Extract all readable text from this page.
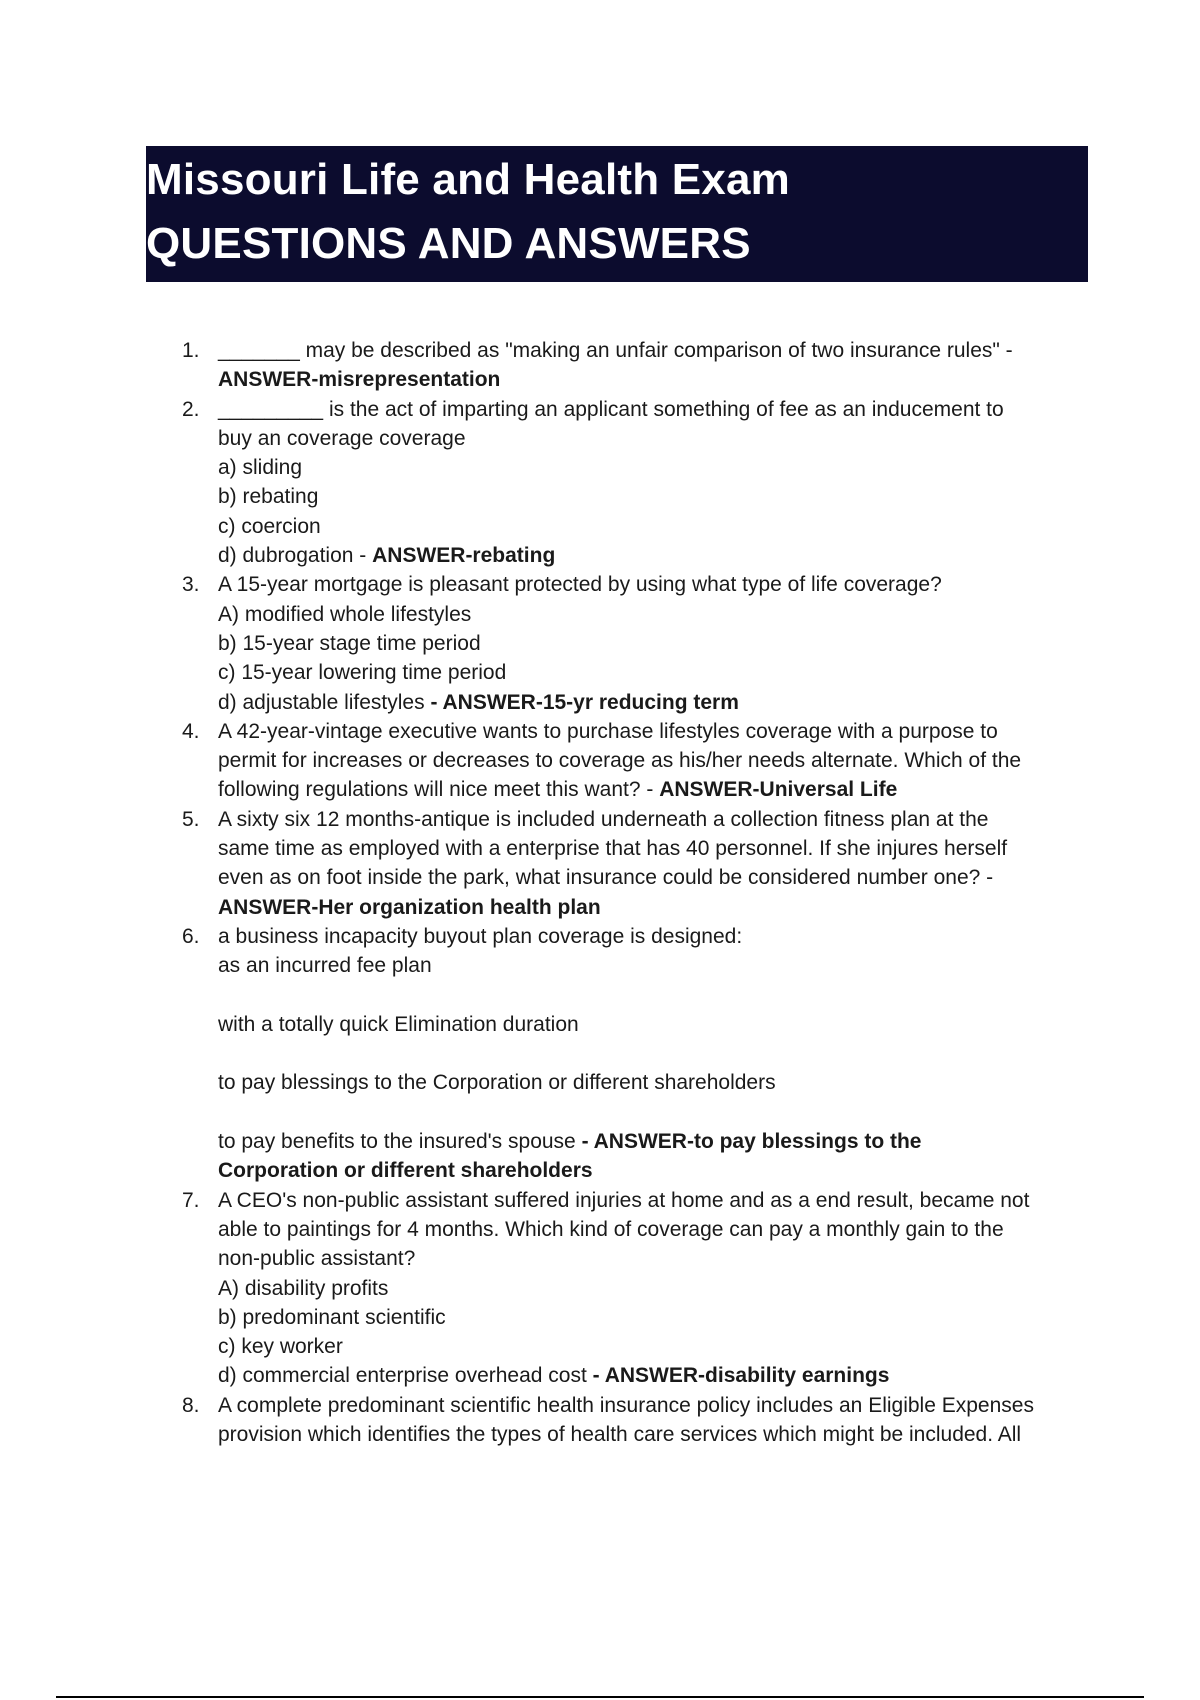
Missouri Life and Health Exam
QUESTIONS AND ANSWERS
1. _______ may be described as "making an unfair comparison of two insurance rules" -
ANSWER-misrepresentation
2. _________ is the act of imparting an applicant something of fee as an inducement to
buy an coverage coverage
a) sliding
b) rebating
c) coercion
d) dubrogation - ANSWER-rebating
3. A 15-year mortgage is pleasant protected by using what type of life coverage?
A) modified whole lifestyles
b) 15-year stage time period
c) 15-year lowering time period
d) adjustable lifestyles - ANSWER-15-yr reducing term
4. A 42-year-vintage executive wants to purchase lifestyles coverage with a purpose to
permit for increases or decreases to coverage as his/her needs alternate. Which of the
following regulations will nice meet this want? - ANSWER-Universal Life
5. A sixty six 12 months-antique is included underneath a collection fitness plan at the
same time as employed with a enterprise that has 40 personnel. If she injures herself
even as on foot inside the park, what insurance could be considered number one? -
ANSWER-Her organization health plan
6. a business incapacity buyout plan coverage is designed:
as an incurred fee plan
with a totally quick Elimination duration
to pay blessings to the Corporation or different shareholders
to pay benefits to the insured's spouse - ANSWER-to pay blessings to the
Corporation or different shareholders
7. A CEO's non-public assistant suffered injuries at home and as a end result, became not
able to paintings for 4 months. Which kind of coverage can pay a monthly gain to the
non-public assistant?
A) disability profits
b) predominant scientific
c) key worker
d) commercial enterprise overhead cost - ANSWER-disability earnings
8. A complete predominant scientific health insurance policy includes an Eligible Expenses
provision which identifies the types of health care services which might be included. All
